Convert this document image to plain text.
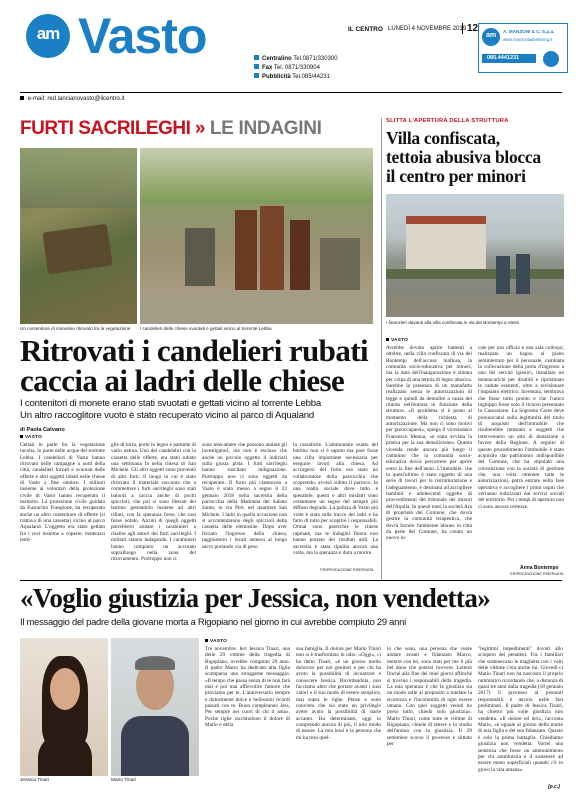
am Vasto	Centralino Tel.0871/330300
Fax Tel. 0871/330904
Pubblicità Tel.085/44231
IL CENTRO LUNEDÌ 4 NOVEMBRE 2019 12
am
A. MANZONI & C. S.p.a.
www.manzoniadvertising.it
085.4441231
e-mail: red.lancianovasto@ilcentro.it
FURTI SACRILEGHI » LE INDAGINI
Un contenitore di monetine ritrovato tra la vegetazione	I candelieri delle chiese svuotati e gettati vicino al torrente Lebba
Ritrovati i candelieri rubati
caccia ai ladri delle chiese
I contenitori di monete erano stati svuotati e gettati vicino al torrente Lebba
Un altro raccoglitore vuoto è stato recuperato vicino al parco di Aqualand
di Paola Calvano
VASTO

Gettati in parte fra la vegetazione incolta, in parte nelle acque del torrente Lebba. I candelieri di Vasto hanno ritrovato nelle campagne a nord della città, candelieri forzati e svuotati delle offerte e altri oggetti rubati nelle chiese di Vasto a fine ottobre. I militari insieme ai volontari della protezione civile di Vasto hanno recuperato il maltolto. La protezione civile guidata da Eustachio Frangione, ha recuperato anche un altro contenitore di offerte (si trattava di una cassetta) vicino al parco Aqualand. L'oggetto era stato gettato fra i rovi insieme a coperte, materassi botti-

glie di birra, porte in legno e pattume di vario natura. Uno dei candelabri con la cassetta delle offerte, era stato rubato una settimana fa nella chiesa di San Michele. Gli altri oggetti sono provento di altri furti. Il luogo in cui è stato ritrovato il materiale racconta che a commettere i furti sacrileghi sono stati balordi a caccia anche di pochi spiccioli, che poi si sono liberati del bottino gettandolo insieme ad altri rifiuti, con la speranza forse, che non fosse notato. Alcuni di quegli oggetti potrebbero aiutare i carabinieri a risalire agli autori dei furti sacrileghi. I militari stanno indagando. I carabinieri hanno compiuto un accurato sopralluogo nella zona del ritrovamento. Purtroppo non ci

sono telecamere che possono aiutare gli investigatori, ma non è escluso che anche un piccolo oggetto il indirizzi sulla giusta pista. I furti sacrileghi hanno suscitato indignazione. Purtroppo non ci sono oggetti da recuperare. Il furto più clamoroso a Vasto è stato messo a segno il 22 gennaio 2018 nella sacrestia della parrocchia della Madonna del Sabato Santo, in via Pirè, nel quartiere San Michele. I ladri in quella occasione non si accontentarono degli spiccioli della cassetta delle elemosine. Dopo aver forzato l'ingresso della chiesa, raggiunsero i locali annessi al luogo sacro portando via di peso

la cassaforte. L'ammontare esatto del bottino non si è saputo ma pare fosse una cifra importante necessaria per eseguire lavori alla chiesa. Ad accorgersi del furto era stato un collaboratore della parrocchia che scoprendo, avvisò subito il parroco. In una realtà sociale dove tutto è spesabile, questi e altri misfatti sono certamente un segno del sempre più diffuso degrado. La polizia di Vasto più volte è stata sulle tracce dei ladri e ha fatto di tutto per scoprire i responsabili. Ormai sono parecchie le chiese rapinate, ma le indagini finora non hanno portato dei risultati utili. La sacrestia è stata ripulita ancora una volta, ma la speranza è dura a morire.

©RIPRODUZIONE RISERVATA
SLITTA L'APERTURA DELLA STRUTTURA
Villa confiscata,
tettoia abusiva blocca
il centro per minori
I finanzieri davanti alla villa confiscata in via dei Bontempi a Vasto
VASTO

Avrebbe dovuto aprire battenti a ottobre, nella villa confiscata di via dei Bontempi dell'accusa mafiosa, la comunità socio-educativa per minori, ma la data dell'inaugurazione è slittata per colpa di una tettoia di legno abusiva. Sarebbe la presenza di un manufatto realizzato senza le autorizzazioni di legge e quindi da demolire a causa del ritardo nell'entrata in funzione della struttura. «Il problema si è posto al momento della richiesta di autorizzazione. Ma non ci sono motivi per preoccuparsi», spiega il vicesindaco Francesco Menna, «è stata avviata la pratica per la sua demolizione». Questa vicenda rende ancora più lungo il cammino che la comunità socio-educativa dovrà percorrere per aprire entro la fine dell'anno. L'immobile, che in quest'ultimo è stato oggetto di una serie di lavori per la ristrutturazione e l'adeguamento, è destinata ad accogliere bambini e adolescenti oggetto di provvedimenti del tribunale dei minori dell'Aquila. In questi mesi la società Ara di proprietà del Comune, che dovrà gestire la comunità terapeutica, che dovrà fornire l'ambiente idoneo in città da parte del Comune, ha creato un nuovo lo-

cale per uso ufficio e una sala colloqui, realizzato un bagno al piano seminterrato per il personale, cambiata la collocazione della porta d'ingresso a uno dei servizi igienici, installato un montacarichi per disabili e ripristinato le cadute esistenti, oltre a revisionare l'impianto elettrico. Inventata, sembrava che fosse tutto pronto e che l'unico inghippo fosse solo il ricorso presentato in Cassazione. La Suprema Corte deve pronunciarsi sulla legittimità del titolo di acquisto dell'immobile che risulterebbe intestato a soggetti che intervennero un atto di donazione a favore della Regione. A seguito di questo procedimento l'immobile è stato acquisito dal patrimonio indisponibile del Comune, che ha stipulato una convenzione con la società di gestione che, una volta ottenute tutte le autorizzazioni, potrà entrare nella fase operativa e accogliere i primi ospiti che verranno indirizzati dai servizi sociali del territorio. Per i tempi di apertura non ci sono ancora certezze.

Anna Bontempo
©RIPRODUZIONE RISERVATA
«Voglio giustizia per Jessica, non vendetta»
Il messaggio del padre della giovane morta a Rigopiano nel giorno in cui avrebbe compiuto 29 anni
Jessica Tinari	Mario Tinari
VASTO

Tre novembre. Ieri Jessica Tinari, una delle 29 vittime della tragedia di Rigopiano, avrebbe compiuto 29 anni. Il padre Mario ha dedicato alla figlia scomparsa uno struggente messaggio. «Il tempo che passa senza di te non farà mai e poi mai affievolire l'amore che proviamo per te. L'anniversario sempre e dolcemente dolce e bellissimi ricordi passati con te. Buon compleanno Jess, Per sempre nei cuori di chi ti ama». Poche righe racchiudono il dolore di Mario e della

sua famiglia. Il dolore per Mario Tinari non si è trasformato in odio. «Oggi», ci ha detto Tinari, «è un giorno molto doloroso per noi genitori e per chi ha avuto la possibilità di incontrare e conoscere Jessica. Ricordandola, non facciamo altro che portare avanti i suoi valori e il suo modo di essere semplice, mai sopra le righe. Penso e sono convinto che sia stato un privilegio avere avuto la possibilità di starle accanto. Ha determinato, oggi lo comprendo ancora di più, il mio modo di essere. La mia lessi è la persona che mi ha reso quel-

lo che sono, una persona che vuole andare avanti e fidanzato Marco, mentre con lei, sono stati per me il più bel dono che potessi ricevere. Lotterò finché alla fine dei miei giorni affinché si trovino i responsabili della tragedia. La mia speranza è che la giustizia sia un modo utile al proposito a tutelare la sicurezza e l'incolumità di ogni essere umano. Con quei soggetti venuti ho preso tutto, chiedo solo giustizia». Mario Tinari, come tutte le vittime di Rigopiano, chiede di tenere e lo studio dell'anima con la giustizia. Il 29 settembre scorso il processo è slittato per

"legittimi impedimenti" dovuti allo sciopero dei penalisti. Fra i familiari che sostenevano le maglietta con i volti delle vittime c'era anche lui. Giovedì ci Mario Tinari non ha nascosto il proprio rammarico ricordando che, a distanza di quasi tre anni dalla tragedia (18 gennaio 2017) il processo al presunti responsabili è ancora nelle fasi preliminari. Il padre di Jessica Tinari, ha chiesto più volte giustizia non vendetta. «Il dolore ed ieri», racconta Mario, «è uguale al giorno della morte di mia figlia e del suo fidanzato. Questo è solo la prima battaglia. Chiediamo giustizia non vendetta. Vorrei una sentenza che fosse un ammonimento per chi amministra e il sostenere ad essere meno superficiali quando c'è in gioco la vita umana».

(p.c.)
